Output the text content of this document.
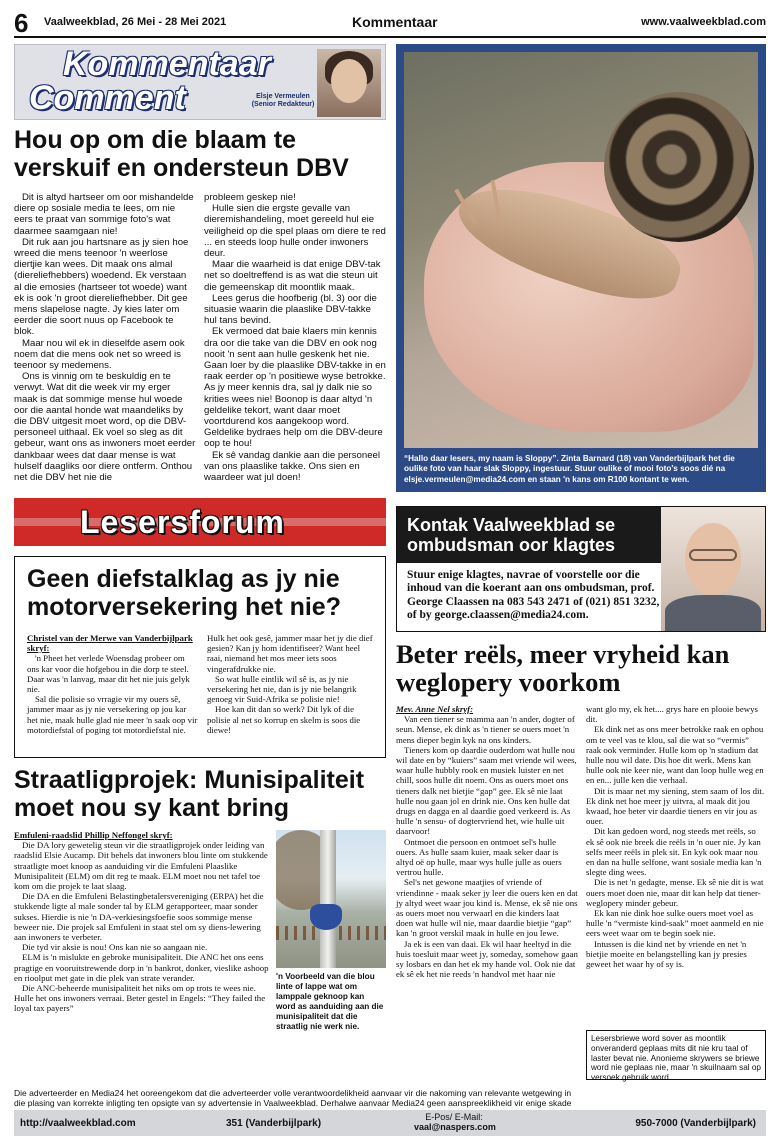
6 Vaalweekblad, 26 Mei - 28 Mei 2021	Kommentaar	www.vaalweekblad.com
Kommentaar
Comment	Elsje Vermeulen
(Senior Redakteur)
Hou op om die blaam te verskuif en ondersteun DBV

Dit is altyd hartseer om oor mishandelde diere op sosiale media te lees, om nie eers te praat van sommige foto's wat daarmee saamgaan nie!

Dit ruk aan jou hartsnare as jy sien hoe wreed die mens teenoor 'n weerlose diertjie kan wees. Dit maak ons almal (diereliefhebbers) woedend. Ek verstaan al die emosies (hartseer tot woede) want ek is ook 'n groot diereliefhebber. Dit gee mens slapelose nagte. Jy kies later om eerder die soort nuus op Facebook te blok.

Maar nou wil ek in dieselfde asem ook noem dat die mens ook net so wreed is teenoor sy medemens.

Ons is vinnig om te beskuldig en te verwyt. Wat dit die week vir my erger maak is dat sommige mense hul woede oor die aantal honde wat maandeliks by die DBV uitgesit moet word, op die DBV-personeel uithaal. Ek voel so sleg as dit gebeur, want ons as inwoners moet eerder dankbaar wees dat daar mense is wat hulself daagliks oor diere ontferm. Onthou net die DBV het nie die

probleem geskep nie!

Hulle sien die ergste gevalle van dieremishandeling, moet gereeld hul eie veiligheid op die spel plaas om diere te red ... en steeds loop hulle onder inwoners deur.

Maar die waarheid is dat enige DBV-tak net so doeltreffend is as wat die steun uit die gemeenskap dit moontlik maak.

Lees gerus die hoofberig (bl. 3) oor die situasie waarin die plaaslike DBV-takke hul tans bevind.

Ek vermoed dat baie klaers min kennis dra oor die take van die DBV en ook nog nooit 'n sent aan hulle geskenk het nie. Gaan loer by die plaaslike DBV-takke in en raak eerder op 'n positiewe wyse betrokke. As jy meer kennis dra, sal jy dalk nie so krities wees nie! Boonop is daar altyd 'n geldelike tekort, want daar moet voortdurend kos aangekoop word. Geldelike bydraes help om die DBV-deure oop te hou!

Ek sê vandag dankie aan die personeel van ons plaaslike takke. Ons sien en waardeer wat jul doen!

“Hallo daar lesers, my naam is Sloppy”. Zinta Barnard (18) van Vanderbijlpark het die oulike foto van haar slak Sloppy, ingestuur. Stuur oulike of mooi foto's soos dié na elsje.vermeulen@media24.com en staan 'n kans om R100 kontant te wen.
Lesersforum
Geen diefstalklag as jy nie motorversekering het nie?

Christel van der Merwe van Vanderbijlpark skryf:

'n Pheet het verlede Woensdag probeer om ons kar voor die hofgebou in die dorp te steel. Daar was 'n lanvag, maar dit het nie juis gelyk nie.

Sal die polisie so vrragie vir my ouers sê, jammer maar as jy nie versekering op jou kar het nie, maak hulle glad nie meer 'n saak oop vir motordiefstal of poging tot motordiefstal nie.

Hulk het ook gesê, jammer maar het jy die dief gesien? Kan jy hom identifiseer? Want heel raai, niemand het mos meer iets soos vingerafdrukke nie.

So wat hulle eintlik wil sê is, as jy nie versekering het nie, dan is jy nie belangrik genoeg vir Suid-Afrika se polisie nie!

Hoe kan dit dan so werk? Dit lyk of die polisie al net so korrup en skelm is soos die diewe!

Kontak Vaalweekblad se ombudsman oor klagtes
Stuur enige klagtes, navrae of voorstelle oor die inhoud van die koerant aan ons ombudsman, prof. George Claassen na 083 543 2471 of (021) 851 3232, of by george.claassen@media24.com.
Beter reëls, meer vryheid kan weglopery voorkom

Mev. Anne Nel skryf:

Van een tiener se mamma aan 'n ander, dogter of seun. Mense, ek dink as 'n tiener se ouers moet 'n mens dieper begin kyk na ons kinders.

Tieners kom op daardie ouderdom wat hulle nou wil date en by “kuiers” saam met vriende wil wees, waar hulle hubbly rook en musiek luister en net chill, soos hulle dit noem. Ons as ouers moet ons tieners dalk net bietjie “gap” gee. Ek sê nie laat hulle nou gaan jol en drink nie. Ons ken hulle dat drugs en dagga en al daardie goed verkeerd is. As hulle 'n sensu- of dogtervriend het, wie hulle uit daarvoor!

Ontmoet die persoon en ontmoet sel's hulle ouers. As hulle saam kuier, maak seker daar is altyd oë op hulle, maar wys hulle julle as ouers vertrou hulle.

Sel's net gewone maatjies of vriende of vriendinne - maak seker jy leer die ouers ken en dat jy altyd weet waar jou kind is. Mense, ek sê nie ons as ouers moet nou verwaarl en die kinders laat doen wat hulle wil nie, maar daardie bietjie “gap” kan 'n groot verskil maak in hulle en jou lewe.

Ja ek is een van daai. Ek wil haar heeltyd in die huis toesluit maar weet jy, someday, somehow gaan sy losbars en dan het ek my hande vol. Ook nie dat ek sê ek het nie reeds 'n handvol met haar nie

want glo my, ek het.... grys hare en plooie bewys dit.

Ek dink net as ons meer betrokke raak en ophou om te veel vas te klou, sal die wat so “vermis” raak ook verminder. Hulle kom op 'n stadium dat hulle nou wil date. Dis hoe dit werk. Mens kan hulle ook nie keer nie, want dan loop hulle weg en en en... julle ken die verhaal.

Dit is maar net my siening, stem saam of los dit. Ek dink net hoe meer jy uitvra, al maak dit jou kwaad, hoe beter vir daardie tieners en vir jou as ouer.

Dit kan gedoen word, nog steeds met reëls, so ek sê ook nie breek die reëls in 'n ouer nie. Jy kan selfs meer reëls in plek sit. En kyk ook maar nou en dan na hulle selfone, want sosiale media kan 'n slegte ding wees.

Die is net 'n gedagte, mense. Ek sê nie dit is wat ouers moet doen nie, maar dit kan help dat tiener-weglopery minder gebeur.

Ek kan nie dink hoe sulke ouers moet voel as hulle 'n “vermiste kind-saak” moet aanmeld en nie eers weet waar om te begin soek nie.

Intussen is die kind net by vriende en net 'n bietjie moeite en belangstelling kan jy presies geweet het waar hy of sy is.

Straatligprojek: Munisipaliteit moet nou sy kant bring

Emfuleni-raadslid Phillip Neffongel skryf:

Die DA lory gewetelig steun vir die straatligprojek onder leiding van raadslid Elsie Aucamp. Dit behels dat inwoners blou linte om stukkende straatligte moet knoop as aanduiding vir die Emfuleni Plaaslike Munisipaliteit (ELM) om dit reg te maak. ELM moet nou net tafel toe kom om die projek te laat slaag.

Die DA en die Emfuleni Belastingbetalersvereniging (ERPA) het die stukkende ligte al male sonder tal by ELM gerapporteer, maar sonder sukses. Hierdie is nie 'n DA-verkiesingsfoefie soos sommige mense beweer nie. Die projek sal Emfuleni in staat stel om sy diens-lewering aan inwoners te verbeter.

Die tyd vir aksie is nou! Ons kan nie so aangaan nie.

ELM is 'n mislukte en gebroke munisipaliteit. Die ANC het ons eens pragtige en vooruitstrewende dorp in 'n bankrot, donker, vieslike ashoop en rioolput met gate in die plek van strate verander.

Die ANC-beheerde munisipaliteit het niks om op trots te wees nie. Hulle het ons inwoners verraai. Beter gestel in Engels: “They failed the loyal tax payers”

'n Voorbeeld van die blou linte of lappe wat om lamppale geknoop kan word as aanduiding aan die munisipaliteit dat die straatlig nie werk nie.
Lesersbriewe word sover as moontlik onveranderd geplaas mits dit nie kru taal of laster bevat nie. Anonieme skrywers se briewe word nie geplaas nie, maar 'n skuilnaam sal op versoek gebruik word.
Die adverteerder en Media24 het ooreengekom dat die adverteerder volle verantwoordelikheid aanvaar vir die nakoming van relevante wetgewing in die plasing van korrekte inligting ten opsigte van sy advertensie in Vaalweekblad. Derhalwe aanvaar Media24 geen aanspreeklikheid vir enige skade
http://vaalweekblad.com	351 (Vanderbijlpark)
E-Pos/ E-Mail:
vaal@naspers.com	950-7000 (Vanderbijlpark)
